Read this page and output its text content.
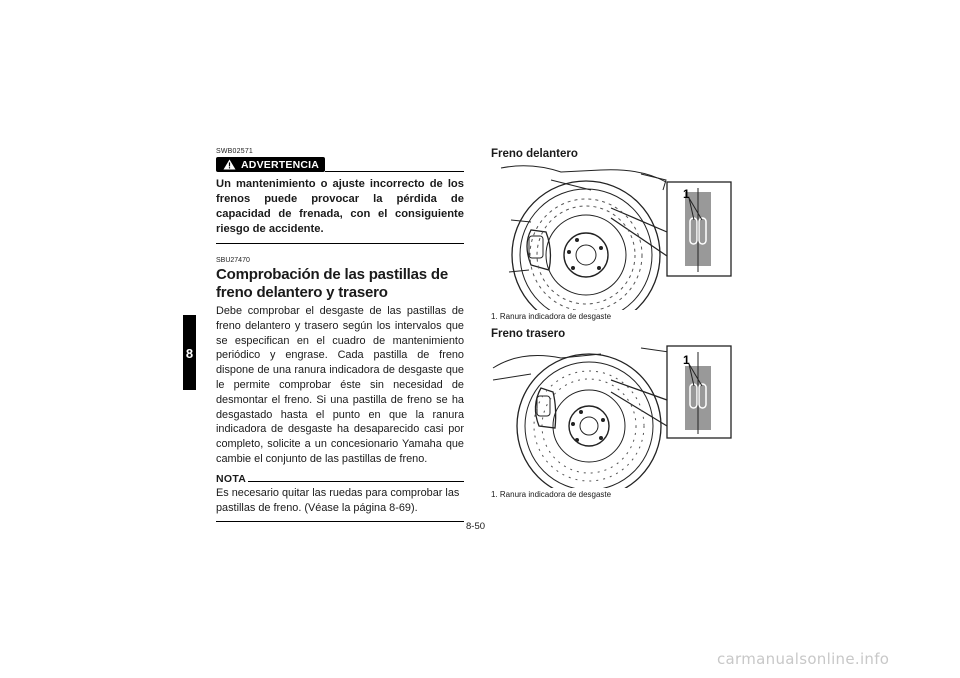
8
SWB02571
ADVERTENCIA
Un mantenimiento o ajuste incorrecto de los frenos puede provocar la pérdida de capacidad de frenada, con el consiguiente riesgo de accidente.
SBU27470
Comprobación de las pastillas de freno delantero y trasero
Debe comprobar el desgaste de las pastillas de freno delantero y trasero según los intervalos que se especifican en el cuadro de mantenimiento periódico y engrase. Cada pastilla de freno dispone de una ranura indicadora de desgaste que le permite comprobar éste sin necesidad de desmontar el freno. Si una pastilla de freno se ha desgastado hasta el punto en que la ranura indicadora de desgaste ha desaparecido casi por completo, solicite a un concesionario Yamaha que cambie el conjunto de las pastillas de freno.
NOTA
Es necesario quitar las ruedas para comprobar las pastillas de freno. (Véase la página 8-69).
Freno delantero
1
1. Ranura indicadora de desgaste
Freno trasero
1
1. Ranura indicadora de desgaste
8-50
carmanualsonline.info
